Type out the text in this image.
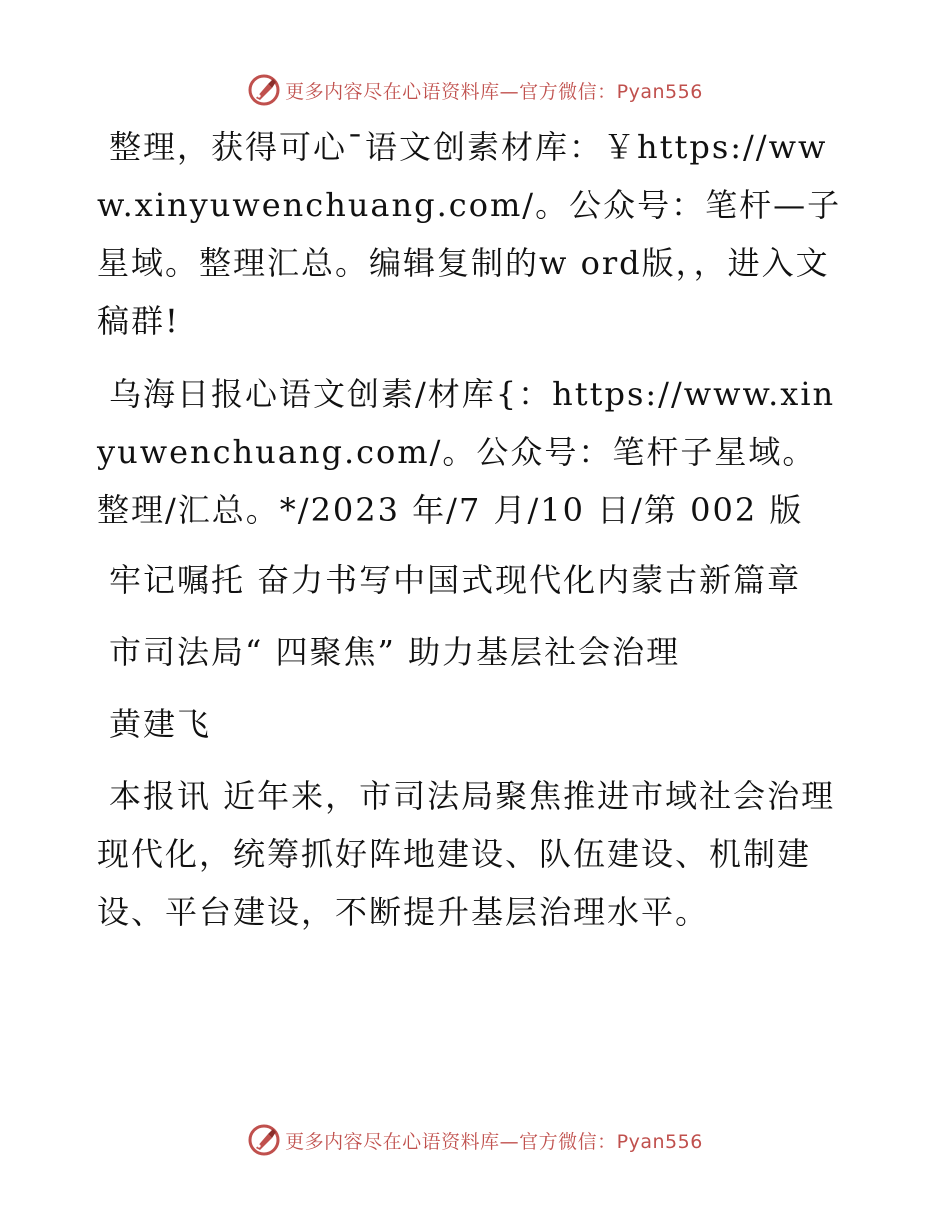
更多内容尽在心语资料库—官方微信：Pyan556

整理，获得可心¯语文创素材库：￥https://www.xinyuwenchuang.com/。公众号：笔杆—子星域。整理汇总。编辑复制的w ord版，，进入文稿群!

乌海日报心语文创素/材库{：https://www.xinyuwenchuang.com/。公众号：笔杆子星域。整理/汇总。*/2023 年/7 月/10 日/第 002 版

牢记嘱托 奋力书写中国式现代化内蒙古新篇章

市司法局“ 四聚焦” 助力基层社会治理

黄建飞

本报讯 近年来，市司法局聚焦推进市域社会治理现代化，统筹抓好阵地建设、队伍建设、机制建设、平台建设，不断提升基层治理水平。

更多内容尽在心语资料库—官方微信：Pyan556
